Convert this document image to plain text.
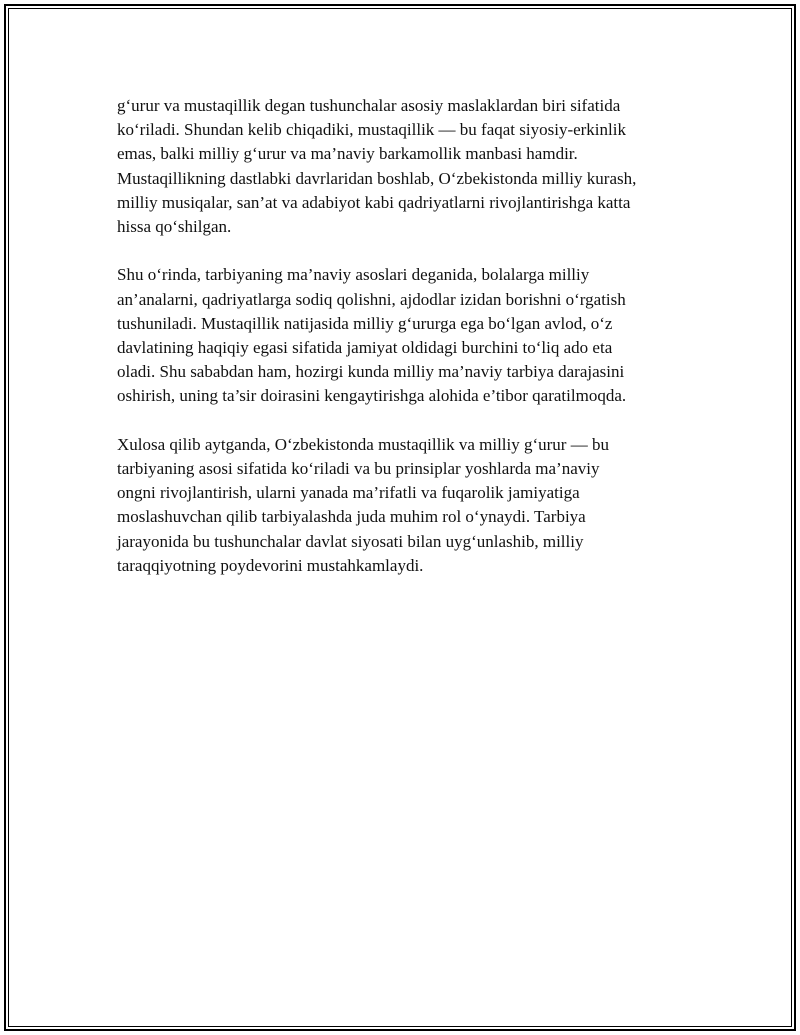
g‘urur va mustaqillik degan tushunchalar asosiy maslaklardan biri sifatida
ko‘riladi. Shundan kelib chiqadiki, mustaqillik — bu faqat siyosiy-erkinlik
emas, balki milliy g‘urur va ma’naviy barkamollik manbasi hamdir.
Mustaqillikning dastlabki davrlaridan boshlab, O‘zbekistonda milliy kurash,
milliy musiqalar, san’at va adabiyot kabi qadriyatlarni rivojlantirishga katta
hissa qo‘shilgan.

Shu o‘rinda, tarbiyaning ma’naviy asoslari deganida, bolalarga milliy
an’analarni, qadriyatlarga sodiq qolishni, ajdodlar izidan borishni o‘rgatish
tushuniladi. Mustaqillik natijasida milliy g‘ururga ega bo‘lgan avlod, o‘z
davlatining haqiqiy egasi sifatida jamiyat oldidagi burchini to‘liq ado eta
oladi. Shu sababdan ham, hozirgi kunda milliy ma’naviy tarbiya darajasini
oshirish, uning ta’sir doirasini kengaytirishga alohida e’tibor qaratilmoqda.

Xulosa qilib aytganda, O‘zbekistonda mustaqillik va milliy g‘urur — bu
tarbiyaning asosi sifatida ko‘riladi va bu prinsiplar yoshlarda ma’naviy
ongni rivojlantirish, ularni yanada ma’rifatli va fuqarolik jamiyatiga
moslashuvchan qilib tarbiyalashda juda muhim rol o‘ynaydi. Tarbiya
jarayonida bu tushunchalar davlat siyosati bilan uyg‘unlashib, milliy
taraqqiyotning poydevorini mustahkamlaydi.
